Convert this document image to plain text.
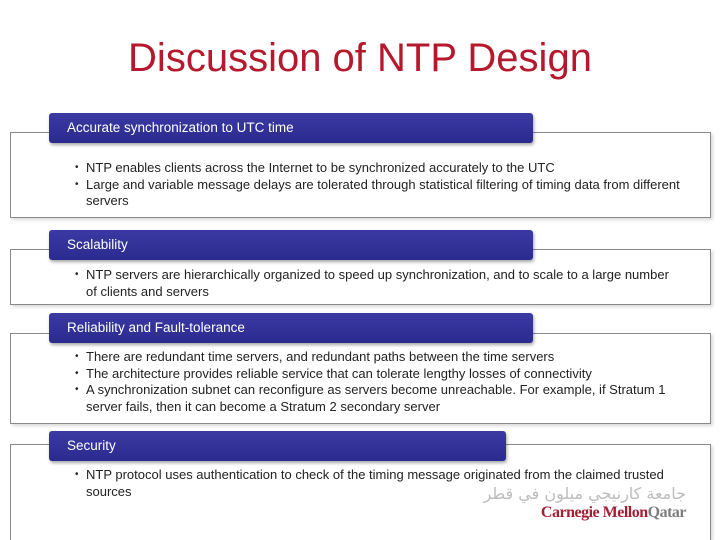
Discussion of NTP Design
• NTP enables clients across the Internet to be synchronized accurately to the UTC
• Large and variable message delays are tolerated through statistical filtering of timing data from different servers
Accurate synchronization to UTC time
• NTP servers are hierarchically organized to speed up synchronization, and to scale to a large number of clients and servers
Scalability
• There are redundant time servers, and redundant paths between the time servers
• The architecture provides reliable service that can tolerate lengthy losses of connectivity
• A synchronization subnet can reconfigure as servers become unreachable. For example, if Stratum 1 server fails, then it can become a Stratum 2 secondary server
Reliability and Fault-tolerance
• NTP protocol uses authentication to check of the timing message originated from the claimed trusted sources
Security
جامعة كارنيجي ميلون في قطر
Carnegie MellonQatar
